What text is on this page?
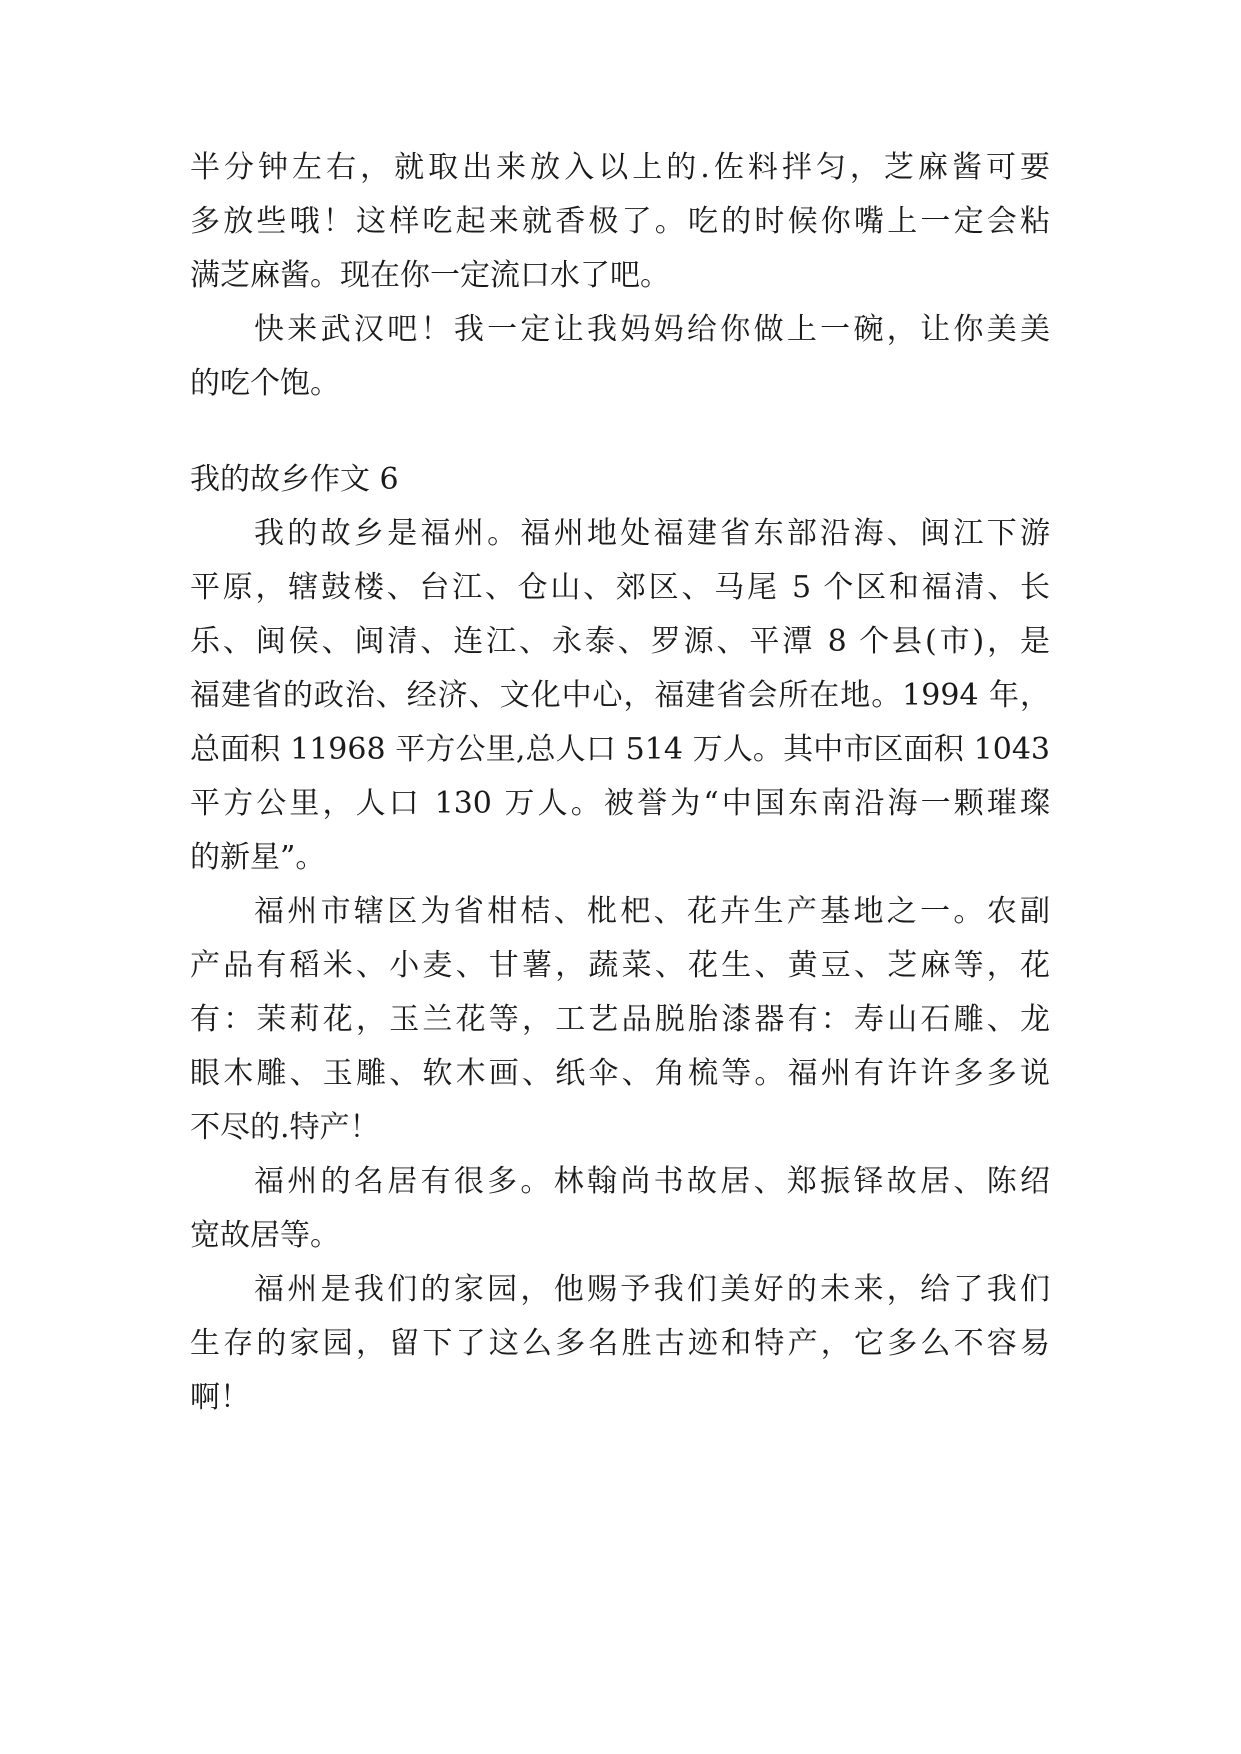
半分钟左右，就取出来放入以上的.佐料拌匀，芝麻酱可要
多放些哦！这样吃起来就香极了。吃的时候你嘴上一定会粘
满芝麻酱。现在你一定流口水了吧。
快来武汉吧！我一定让我妈妈给你做上一碗，让你美美
的吃个饱。
我的故乡作文 6
我的故乡是福州。福州地处福建省东部沿海、闽江下游
平原，辖鼓楼、台江、仓山、郊区、马尾 5 个区和福清、长
乐、闽侯、闽清、连江、永泰、罗源、平潭 8 个县(市)，是
福建省的政治、经济、文化中心，福建省会所在地。1994 年，
总面积 11968 平方公里,总人口 514 万人。其中市区面积 1043
平方公里，人口 130 万人。被誉为“中国东南沿海一颗璀璨
的新星”。
福州市辖区为省柑桔、枇杷、花卉生产基地之一。农副
产品有稻米、小麦、甘薯，蔬菜、花生、黄豆、芝麻等，花
有：茉莉花，玉兰花等，工艺品脱胎漆器有：寿山石雕、龙
眼木雕、玉雕、软木画、纸伞、角梳等。福州有许许多多说
不尽的.特产！
福州的名居有很多。林翰尚书故居、郑振铎故居、陈绍
宽故居等。
福州是我们的家园，他赐予我们美好的未来，给了我们
生存的家园，留下了这么多名胜古迹和特产，它多么不容易
啊！
